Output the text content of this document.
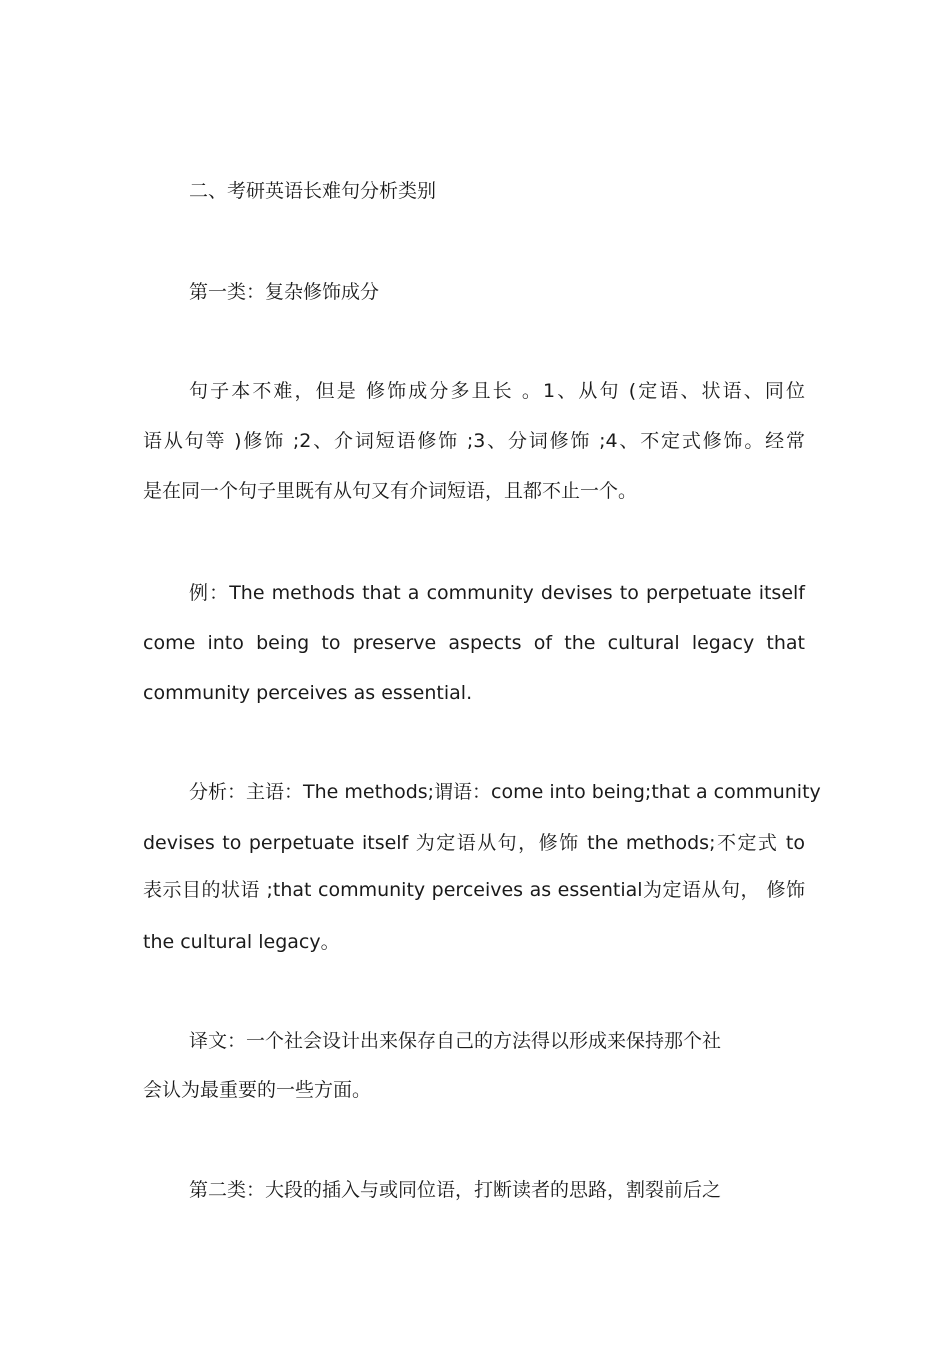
二、考研英语长难句分析类别
第一类：复杂修饰成分
句子本不难，但是 修饰成分多且长 。1、从句 (定语、状语、同位
语从句等 )修饰 ;2、介词短语修饰 ;3、分词修饰 ;4、不定式修饰。经常
是在同一个句子里既有从句又有介词短语，且都不止一个。
例：The methods that a community devises to perpetuate itself
come into being to preserve aspects of the cultural legacy that
community perceives as essential.
分析：主语：The methods;谓语：come into being;that a community
devises to perpetuate itself 为定语从句，修饰 the methods;不定式 to
表示目的状语 ;that community perceives as essential为定语从句， 修饰
the cultural legacy。
译文：一个社会设计出来保存自己的方法得以形成来保持那个社
会认为最重要的一些方面。
第二类：大段的插入与或同位语，打断读者的思路，割裂前后之
